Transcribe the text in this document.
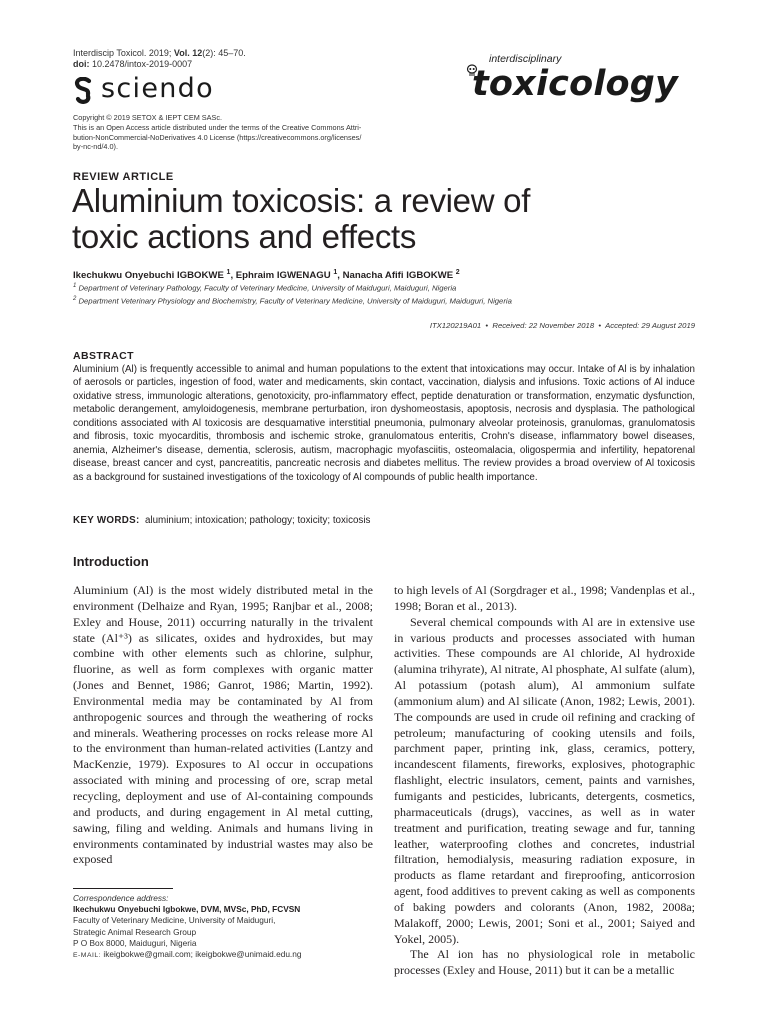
Interdiscip Toxicol. 2019; Vol. 12(2): 45–70.
doi: 10.2478/intox-2019-0007
sciendo
interdisciplinary
toxicology
Copyright © 2019 SETOX & IEPT CEM SASc.
This is an Open Access article distributed under the terms of the Creative Commons Attri-
bution-NonCommercial-NoDerivatives 4.0 License (https://creativecommons.org/licenses/
by-nc-nd/4.0).
REVIEW ARTICLE
Aluminium toxicosis: a review of
toxic actions and effects
Ikechukwu Onyebuchi IGBOKWE $^1$, Ephraim IGWENAGU $^1$, Nanacha Afifi IGBOKWE $^2$
$^1$ Department of Veterinary Pathology, Faculty of Veterinary Medicine, University of Maiduguri, Maiduguri, Nigeria
$^2$ Department Veterinary Physiology and Biochemistry, Faculty of Veterinary Medicine, University of Maiduguri, Maiduguri, Nigeria
ITX120219A01 • Received: 22 November 2018 • Accepted: 29 August 2019
ABSTRACT
Aluminium (Al) is frequently accessible to animal and human populations to the extent that intoxications may occur. Intake of Al is by inhalation of aerosols or particles, ingestion of food, water and medicaments, skin contact, vaccination, dialysis and infusions. Toxic actions of Al induce oxidative stress, immunologic alterations, genotoxicity, pro-inflammatory effect, peptide denaturation or transformation, enzymatic dysfunction, metabolic derangement, amyloidogenesis, membrane perturbation, iron dyshomeostasis, apoptosis, necrosis and dysplasia. The pathological conditions associated with Al toxicosis are desquamative interstitial pneumonia, pulmonary alveolar proteinosis, granulomas, granulomatosis and fibrosis, toxic myocarditis, thrombosis and ischemic stroke, granulomatous enteritis, Crohn's disease, inflammatory bowel diseases, anemia, Alzheimer's disease, dementia, sclerosis, autism, macrophagic myofasciitis, osteomalacia, oligospermia and infertility, hepatorenal disease, breast cancer and cyst, pancreatitis, pancreatic necrosis and diabetes mellitus. The review provides a broad overview of Al toxicosis as a background for sustained investigations of the toxicology of Al compounds of public health importance.
KEY WORDS: aluminium; intoxication; pathology; toxicity; toxicosis
Introduction

Aluminium (Al) is the most widely distributed metal in the environment (Delhaize and Ryan, 1995; Ranjbar et al., 2008; Exley and House, 2011) occurring naturally in the trivalent state (Al⁺³) as silicates, oxides and hydroxides, but may combine with other elements such as chlorine, sulphur, fluorine, as well as form complexes with organic matter (Jones and Bennet, 1986; Ganrot, 1986; Martin, 1992). Environmental media may be contaminated by Al from anthropogenic sources and through the weathering of rocks and minerals. Weathering processes on rocks release more Al to the environment than human-related activities (Lantzy and MacKenzie, 1979). Exposures to Al occur in occupations associated with mining and processing of ore, scrap metal recycling, deployment and use of Al-containing compounds and products, and during engagement in Al metal cutting, sawing, filing and welding. Animals and humans living in environments contaminated by industrial wastes may also be exposed

to high levels of Al (Sorgdrager et al., 1998; Vandenplas et al., 1998; Boran et al., 2013).

Several chemical compounds with Al are in extensive use in various products and processes associated with human activities. These compounds are Al chloride, Al hydroxide (alumina trihyrate), Al nitrate, Al phosphate, Al sulfate (alum), Al potassium (potash alum), Al ammonium sulfate (ammonium alum) and Al silicate (Anon, 1982; Lewis, 2001). The compounds are used in crude oil refining and cracking of petroleum; manufacturing of cooking utensils and foils, parchment paper, printing ink, glass, ceramics, pottery, incandescent filaments, fireworks, explosives, photographic flashlight, electric insulators, cement, paints and varnishes, fumigants and pesticides, lubricants, detergents, cosmetics, pharmaceuticals (drugs), vaccines, as well as in water treatment and purification, treating sewage and fur, tanning leather, waterproofing clothes and concretes, industrial filtration, hemodialysis, measuring radiation exposure, in products as flame retardant and fireproofing, anticorrosion agent, food additives to prevent caking as well as components of baking powders and colorants (Anon, 1982, 2008a; Malakoff, 2000; Lewis, 2001; Soni et al., 2001; Saiyed and Yokel, 2005).

The Al ion has no physiological role in metabolic processes (Exley and House, 2011) but it can be a metallic

Correspondence address:
Ikechukwu Onyebuchi Igbokwe, DVM, MVSc, PhD, FCVSN
Faculty of Veterinary Medicine, University of Maiduguri,
Strategic Animal Research Group
P O Box 8000, Maiduguri, Nigeria
E-MAIL: ikeigbokwe@gmail.com; ikeigbokwe@unimaid.edu.ng
